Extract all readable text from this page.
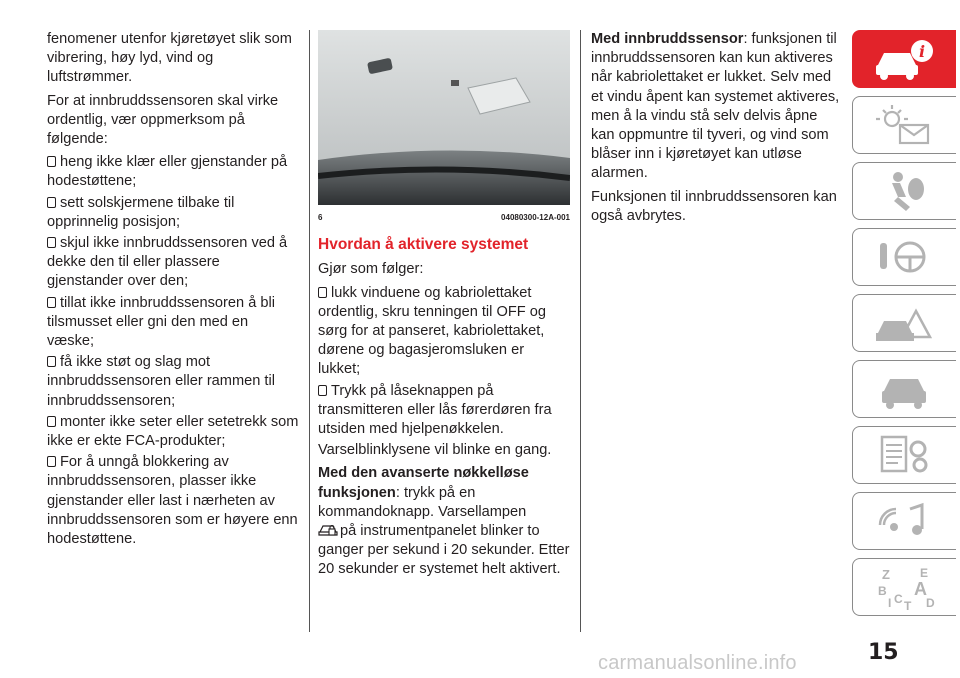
fenomener utenfor kjøretøyet slik som vibrering, høy lyd, vind og luftstrømmer.

For at innbruddssensoren skal virke ordentlig, vær oppmerksom på følgende:

heng ikke klær eller gjenstander på hodestøttene;
sett solskjermene tilbake til opprinnelig posisjon;
skjul ikke innbruddssensoren ved å dekke den til eller plassere gjenstander over den;
tillat ikke innbruddssensoren å bli tilsmusset eller gni den med en væske;
få ikke støt og slag mot innbruddssensoren eller rammen til innbruddssensoren;
monter ikke seter eller setetrekk som ikke er ekte FCA-produkter;
For å unngå blokkering av innbruddssensoren, plasser ikke gjenstander eller last i nærheten av innbruddssensoren som er høyere enn hodestøttene.
6	04080300-12A-001
Hvordan å aktivere systemet

Gjør som følger:

lukk vinduene og kabriolettaket ordentlig, skru tenningen til OFF og sørg for at panseret, kabriolettaket, dørene og bagasjeromsluken er lukket;
Trykk på låseknappen på transmitteren eller lås førerdøren fra utsiden med hjelpenøkkelen.

Varselblinklysene vil blinke en gang.

Med den avanserte nøkkelløse funksjonen: trykk på en kommandoknapp. Varsellampen
på instrumentpanelet blinker to ganger per sekund i 20 sekunder. Etter 20 sekunder er systemet helt aktivert.

Med innbruddssensor: funksjonen til innbruddssensoren kan kun aktiveres når kabriolettaket er lukket. Selv med et vindu åpent kan systemet aktiveres, men å la vindu stå selv delvis åpne kan oppmuntre til tyveri, og vind som blåser inn i kjøretøyet kan utløse alarmen.

Funksjonen til innbruddssensoren kan også avbrytes.

i
Z	E
B A
C D
I T
15
carmanualsonline.info
